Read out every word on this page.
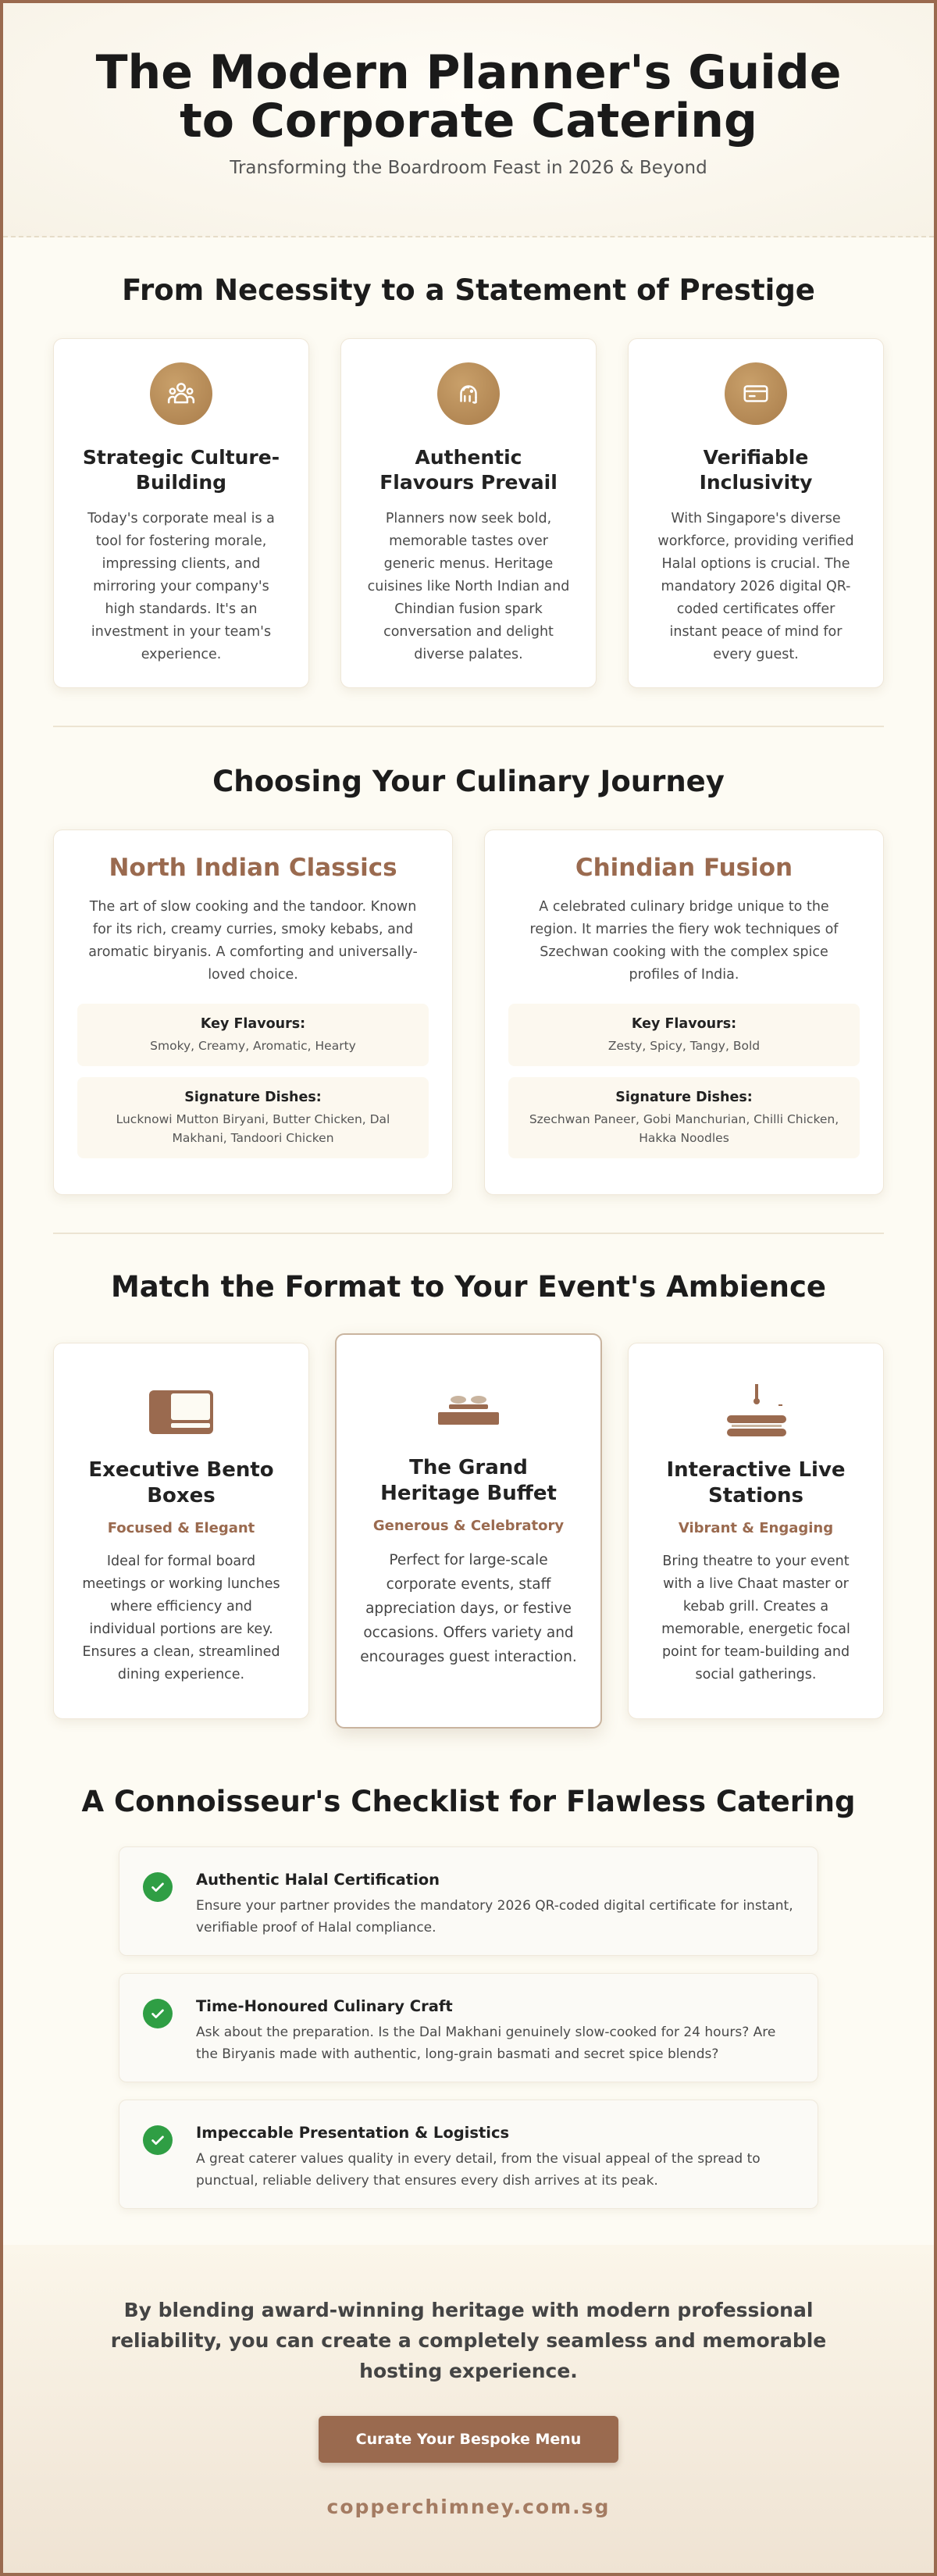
The Modern Planner's Guide to Corporate Catering
Transforming the Boardroom Feast in 2026 & Beyond
From Necessity to a Statement of Prestige
Strategic Culture-Building

Today's corporate meal is a tool for fostering morale, impressing clients, and mirroring your company's high standards. It's an investment in your team's experience.

Authentic Flavours Prevail

Planners now seek bold, memorable tastes over generic menus. Heritage cuisines like North Indian and Chindian fusion spark conversation and delight diverse palates.

Verifiable Inclusivity

With Singapore's diverse workforce, providing verified Halal options is crucial. The mandatory 2026 digital QR-coded certificates offer instant peace of mind for every guest.

Choosing Your Culinary Journey
North Indian Classics

The art of slow cooking and the tandoor. Known for its rich, creamy curries, smoky kebabs, and aromatic biryanis. A comforting and universally-loved choice.

Key Flavours:
Smoky, Creamy, Aromatic, Hearty
Signature Dishes:
Lucknowi Mutton Biryani, Butter Chicken, Dal Makhani, Tandoori Chicken
Chindian Fusion

A celebrated culinary bridge unique to the region. It marries the fiery wok techniques of Szechwan cooking with the complex spice profiles of India.

Key Flavours:
Zesty, Spicy, Tangy, Bold
Signature Dishes:
Szechwan Paneer, Gobi Manchurian, Chilli Chicken, Hakka Noodles
Match the Format to Your Event's Ambience
Executive Bento Boxes
Focused & Elegant

Ideal for formal board meetings or working lunches where efficiency and individual portions are key. Ensures a clean, streamlined dining experience.

The Grand Heritage Buffet
Generous & Celebratory

Perfect for large-scale corporate events, staff appreciation days, or festive occasions. Offers variety and encourages guest interaction.

Interactive Live Stations
Vibrant & Engaging

Bring theatre to your event with a live Chaat master or kebab grill. Creates a memorable, energetic focal point for team-building and social gatherings.

A Connoisseur's Checklist for Flawless Catering
Authentic Halal Certification
Ensure your partner provides the mandatory 2026 QR-coded digital certificate for instant, verifiable proof of Halal compliance.
Time-Honoured Culinary Craft
Ask about the preparation. Is the Dal Makhani genuinely slow-cooked for 24 hours? Are the Biryanis made with authentic, long-grain basmati and secret spice blends?
Impeccable Presentation & Logistics
A great caterer values quality in every detail, from the visual appeal of the spread to punctual, reliable delivery that ensures every dish arrives at its peak.

By blending award-winning heritage with modern professional reliability, you can create a completely seamless and memorable hosting experience.

Curate Your Bespoke Menu
copperchimney.com.sg
